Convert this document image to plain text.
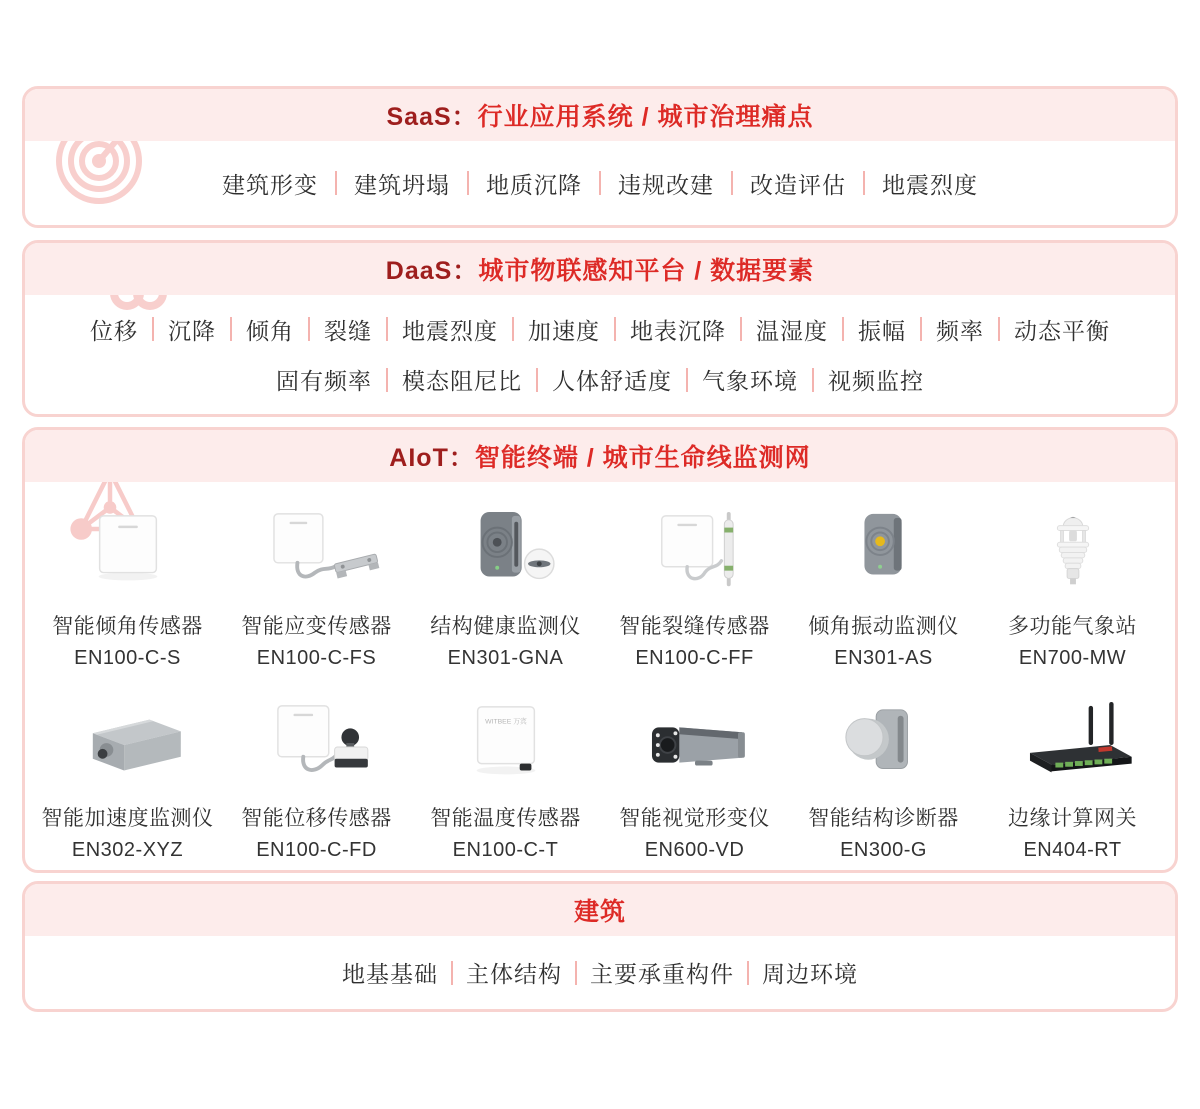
SaaS： 行业应用系统 / 城市治理痛点
建筑形变 建筑坍塌 地质沉降 违规改建 改造评估 地震烈度
DaaS： 城市物联感知平台 / 数据要素
位移 沉降 倾角 裂缝 地震烈度 加速度 地表沉降 温湿度 振幅 频率 动态平衡
固有频率 模态阻尼比 人体舒适度 气象环境 视频监控
AIoT： 智能终端 / 城市生命线监测网
智能倾角传感器
EN100-C-S
智能应变传感器
EN100-C-FS
结构健康监测仪
EN301-GNA
智能裂缝传感器
EN100-C-FF
倾角振动监测仪
EN301-AS
多功能气象站
EN700-MW
智能加速度监测仪
EN302-XYZ
智能位移传感器
EN100-C-FD
WITBEE 万宾
智能温度传感器
EN100-C-T
智能视觉形变仪
EN600-VD
智能结构诊断器
EN300-G
边缘计算网关
EN404-RT
建筑
地基基础 主体结构 主要承重构件 周边环境
